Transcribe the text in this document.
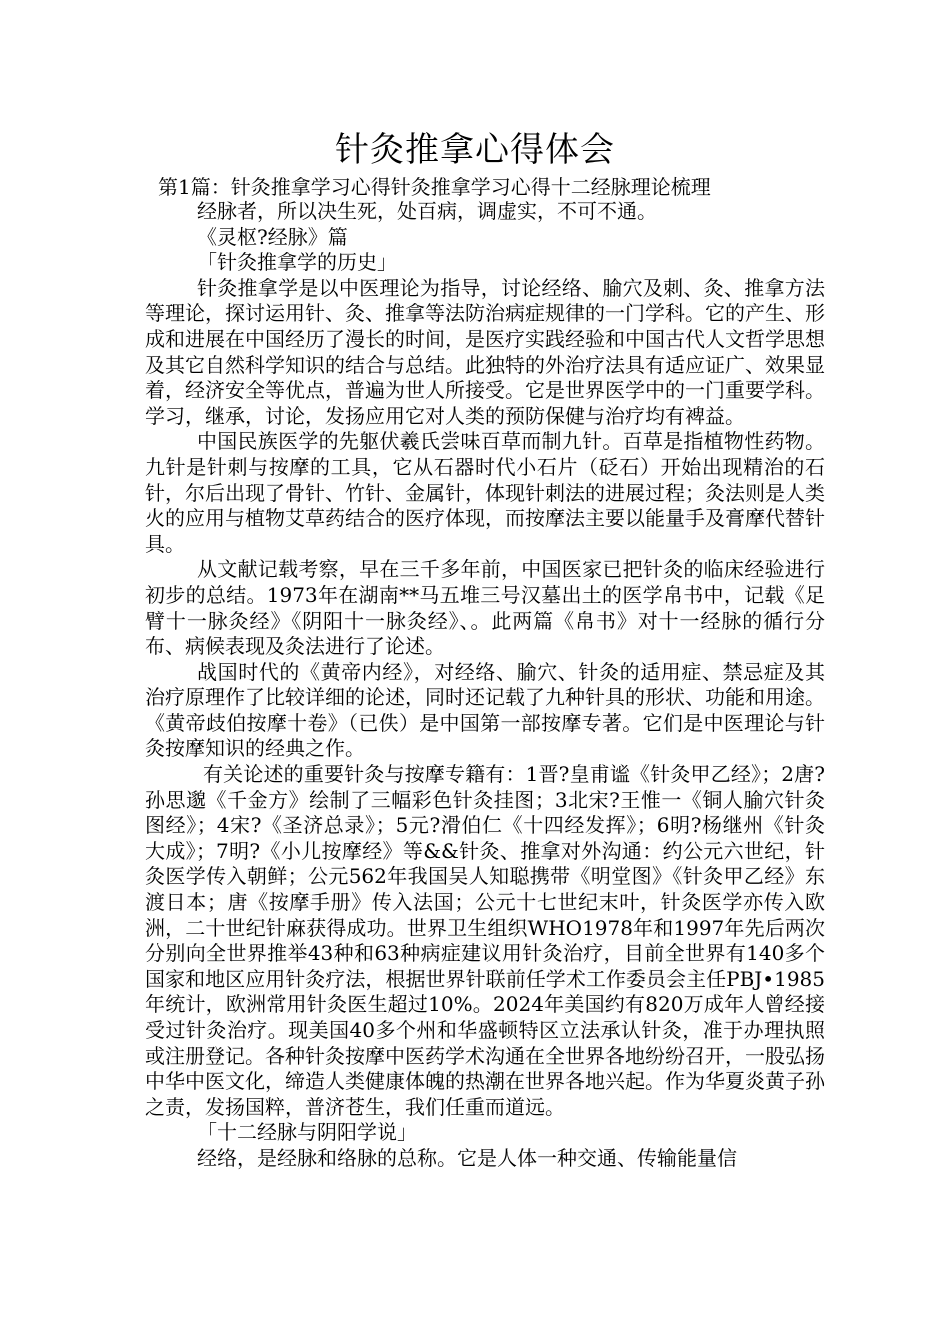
针灸推拿心得体会
第1篇：针灸推拿学习心得针灸推拿学习心得十二经脉理论梳理

经脉者，所以决生死，处百病，调虚实，不可不通。

《灵枢?经脉》篇

「针灸推拿学的历史」

针灸推拿学是以中医理论为指导，讨论经络、腧穴及刺、灸、推拿方法等理论，探讨运用针、灸、推拿等法防治病症规律的一门学科。它的产生、形成和进展在中国经历了漫长的时间，是医疗实践经验和中国古代人文哲学思想及其它自然科学知识的结合与总结。此独特的外治疗法具有适应证广、效果显着，经济安全等优点，普遍为世人所接受。它是世界医学中的一门重要学科。学习，继承，讨论，发扬应用它对人类的预防保健与治疗均有裨益。

中国民族医学的先躯伏羲氏尝味百草而制九针。百草是指植物性药物。九针是针刺与按摩的工具，它从石器时代小石片（砭石）开始出现精治的石针，尔后出现了骨针、竹针、金属针，体现针刺法的进展过程；灸法则是人类火的应用与植物艾草药结合的医疗体现，而按摩法主要以能量手及膏摩代替针具。

从文献记载考察，早在三千多年前，中国医家已把针灸的临床经验进行初步的总结。1973年在湖南**马五堆三号汉墓出土的医学帛书中，记载《足臂十一脉灸经》《阴阳十一脉灸经》、。此两篇《帛书》对十一经脉的循行分布、病候表现及灸法进行了论述。

战国时代的《黄帝内经》，对经络、腧穴、针灸的适用症、禁忌症及其治疗原理作了比较详细的论述，同时还记载了九种针具的形状、功能和用途。《黄帝歧伯按摩十卷》（已佚）是中国第一部按摩专著。它们是中医理论与针灸按摩知识的经典之作。

有关论述的重要针灸与按摩专籍有：1晋?皇甫谧《针灸甲乙经》；2唐?孙思邈《千金方》绘制了三幅彩色针灸挂图；3北宋?王惟一《铜人腧穴针灸图经》；4宋?《圣济总录》；5元?滑伯仁《十四经发挥》；6明?杨继州《针灸大成》；7明?《小儿按摩经》等&&针灸、推拿对外沟通：约公元六世纪，针灸医学传入朝鲜；公元562年我国吴人知聪携带《明堂图》《针灸甲乙经》东渡日本；唐《按摩手册》传入法国；公元十七世纪末叶，针灸医学亦传入欧洲，二十世纪针麻获得成功。世界卫生组织WHO1978年和1997年先后两次分别向全世界推举43种和63种病症建议用针灸治疗，目前全世界有140多个国家和地区应用针灸疗法，根据世界针联前任学术工作委员会主任PBJ•1985年统计，欧洲常用针灸医生超过10%。2024年美国约有820万成年人曾经接受过针灸治疗。现美国40多个州和华盛顿特区立法承认针灸，准于办理执照或注册登记。各种针灸按摩中医药学术沟通在全世界各地纷纷召开，一股弘扬中华中医文化，缔造人类健康体魄的热潮在世界各地兴起。作为华夏炎黄子孙之责，发扬国粹，普济苍生，我们任重而道远。

「十二经脉与阴阳学说」

经络，是经脉和络脉的总称。它是人体一种交通、传输能量信
